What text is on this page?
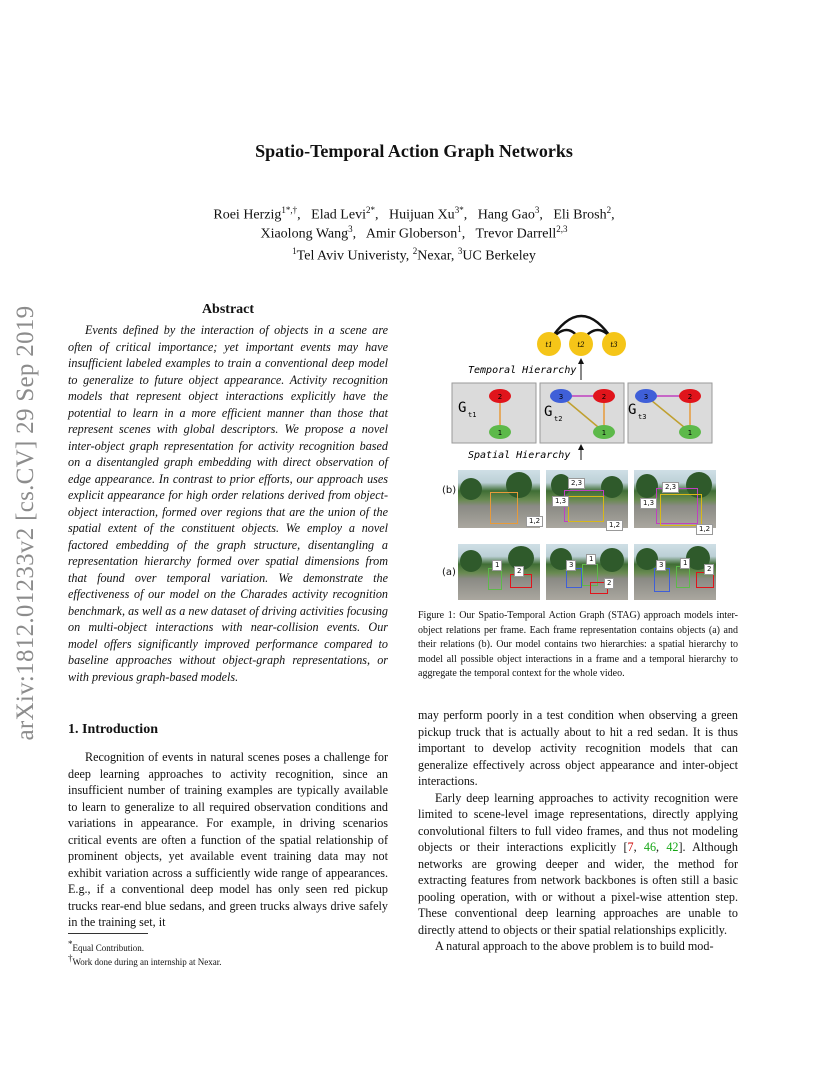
arXiv:1812.01233v2 [cs.CV] 29 Sep 2019
Spatio-Temporal Action Graph Networks
Roei Herzig$^{1*,\dagger}$,   Elad Levi$^{2*}$,   Huijuan $Xu^{3*}$,   Hang Gao$^3$,   Eli Brosh$^2$,
Xiaolong Wang$^3$,   Amir Globerson$^1$,   Trevor Darrell$^{2,3}$
$^1$Tel Aviv Univeristy, $^2$Nexar, $^3$UC Berkeley
Abstract
Events defined by the interaction of objects in a scene are often of critical importance; yet important events may have insufficient labeled examples to train a conventional deep model to generalize to future object appearance. Activity recognition models that represent object interactions explicitly have the potential to learn in a more efficient manner than those that represent scenes with global descriptors. We propose a novel inter-object graph representation for activity recognition based on a disentangled graph embedding with direct observation of edge appearance. In contrast to prior efforts, our approach uses explicit appearance for high order relations derived from object-object interaction, formed over regions that are the union of the spatial extent of the constituent objects. We employ a novel factored embedding of the graph structure, disentangling a representation hierarchy formed over spatial dimensions from that found over temporal variation. We demonstrate the effectiveness of our model on the Charades activity recognition benchmark, as well as a new dataset of driving activities focusing on multi-object interactions with near-collision events. Our model offers significantly improved performance compared to baseline approaches without object-graph representations, or with previous graph-based models.
1. Introduction
Recognition of events in natural scenes poses a challenge for deep learning approaches to activity recognition, since an insufficient number of training examples are typically available to learn to generalize to all required observation conditions and variations in appearance. For example, in driving scenarios critical events are often a function of the spatial relationship of prominent objects, yet available event training data may not exhibit variation across a sufficiently wide range of appearances. E.g., if a conventional deep model has only seen red pickup trucks rear-end blue sedans, and green trucks always drive safely in the training set, it
*Equal Contribution.
†Work done during an internship at Nexar.
t1	t2	t3
Temporal Hierarchy
2
1
3	2
1
3	2
1
G t1	G t2
G t3
Spatial Hierarchy
(b)
1,2
2,3
1,3
1,2
2,3
1,3
1,2
(a)
1
2
3
1
2
3	1
2
Figure 1: Our Spatio-Temporal Action Graph (STAG) approach models inter-object relations per frame. Each frame representation contains objects (a) and their relations (b). Our model contains two hierarchies: a spatial hierarchy to model all possible object interactions in a frame and a temporal hierarchy to aggregate the temporal context for the whole video.
may perform poorly in a test condition when observing a green pickup truck that is actually about to hit a red sedan. It is thus important to develop activity recognition models that can generalize effectively across object appearance and inter-object interactions.
Early deep learning approaches to activity recognition were limited to scene-level image representations, directly applying convolutional filters to full video frames, and thus not modeling objects or their interactions explicitly [7, 46, 42]. Although networks are growing deeper and wider, the method for extracting features from network backbones is often still a basic pooling operation, with or without a pixel-wise attention step. These conventional deep learning approaches are unable to directly attend to objects or their spatial relationships explicitly.
A natural approach to the above problem is to build mod-
